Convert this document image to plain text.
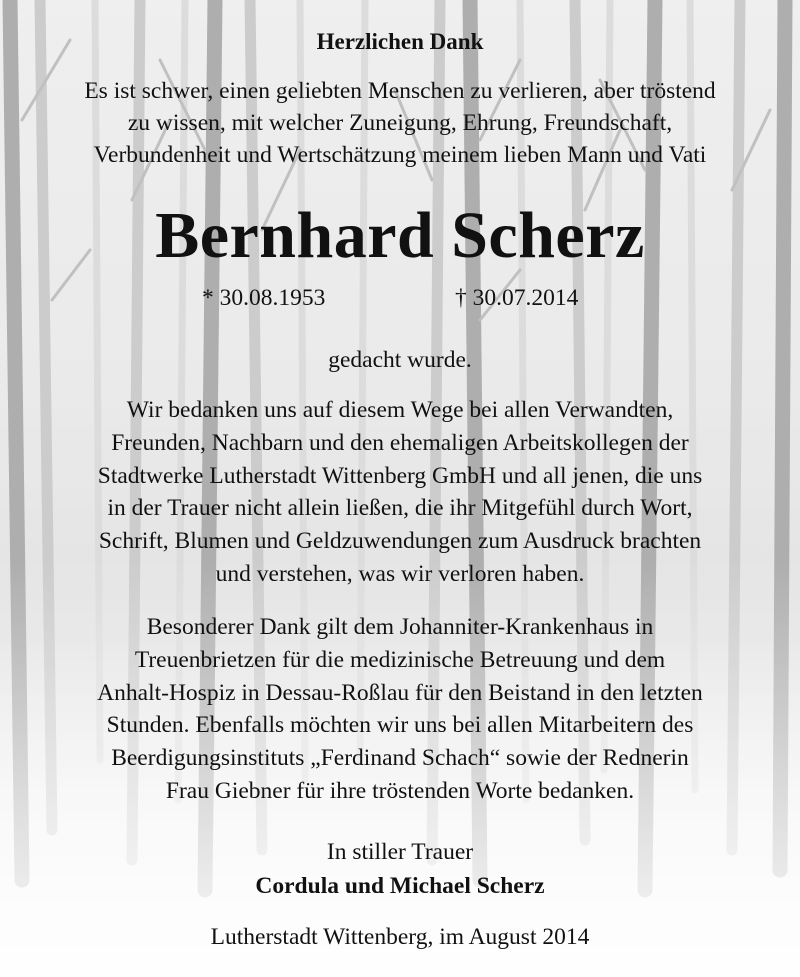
Herzlichen Dank
Es ist schwer, einen geliebten Menschen zu verlieren, aber tröstend
zu wissen, mit welcher Zuneigung, Ehrung, Freundschaft,
Verbundenheit und Wertschätzung meinem lieben Mann und Vati
Bernhard Scherz
* 30.08.1953	† 30.07.2014
gedacht wurde.
Wir bedanken uns auf diesem Wege bei allen Verwandten,
Freunden, Nachbarn und den ehemaligen Arbeitskollegen der
Stadtwerke Lutherstadt Wittenberg GmbH und all jenen, die uns
in der Trauer nicht allein ließen, die ihr Mitgefühl durch Wort,
Schrift, Blumen und Geldzuwendungen zum Ausdruck brachten
und verstehen, was wir verloren haben.
Besonderer Dank gilt dem Johanniter-Krankenhaus in
Treuenbrietzen für die medizinische Betreuung und dem
Anhalt-Hospiz in Dessau-Roßlau für den Beistand in den letzten
Stunden. Ebenfalls möchten wir uns bei allen Mitarbeitern des
Beerdigungsinstituts „Ferdinand Schach“ sowie der Rednerin
Frau Giebner für ihre tröstenden Worte bedanken.
In stiller Trauer
Cordula und Michael Scherz
Lutherstadt Wittenberg, im August 2014
